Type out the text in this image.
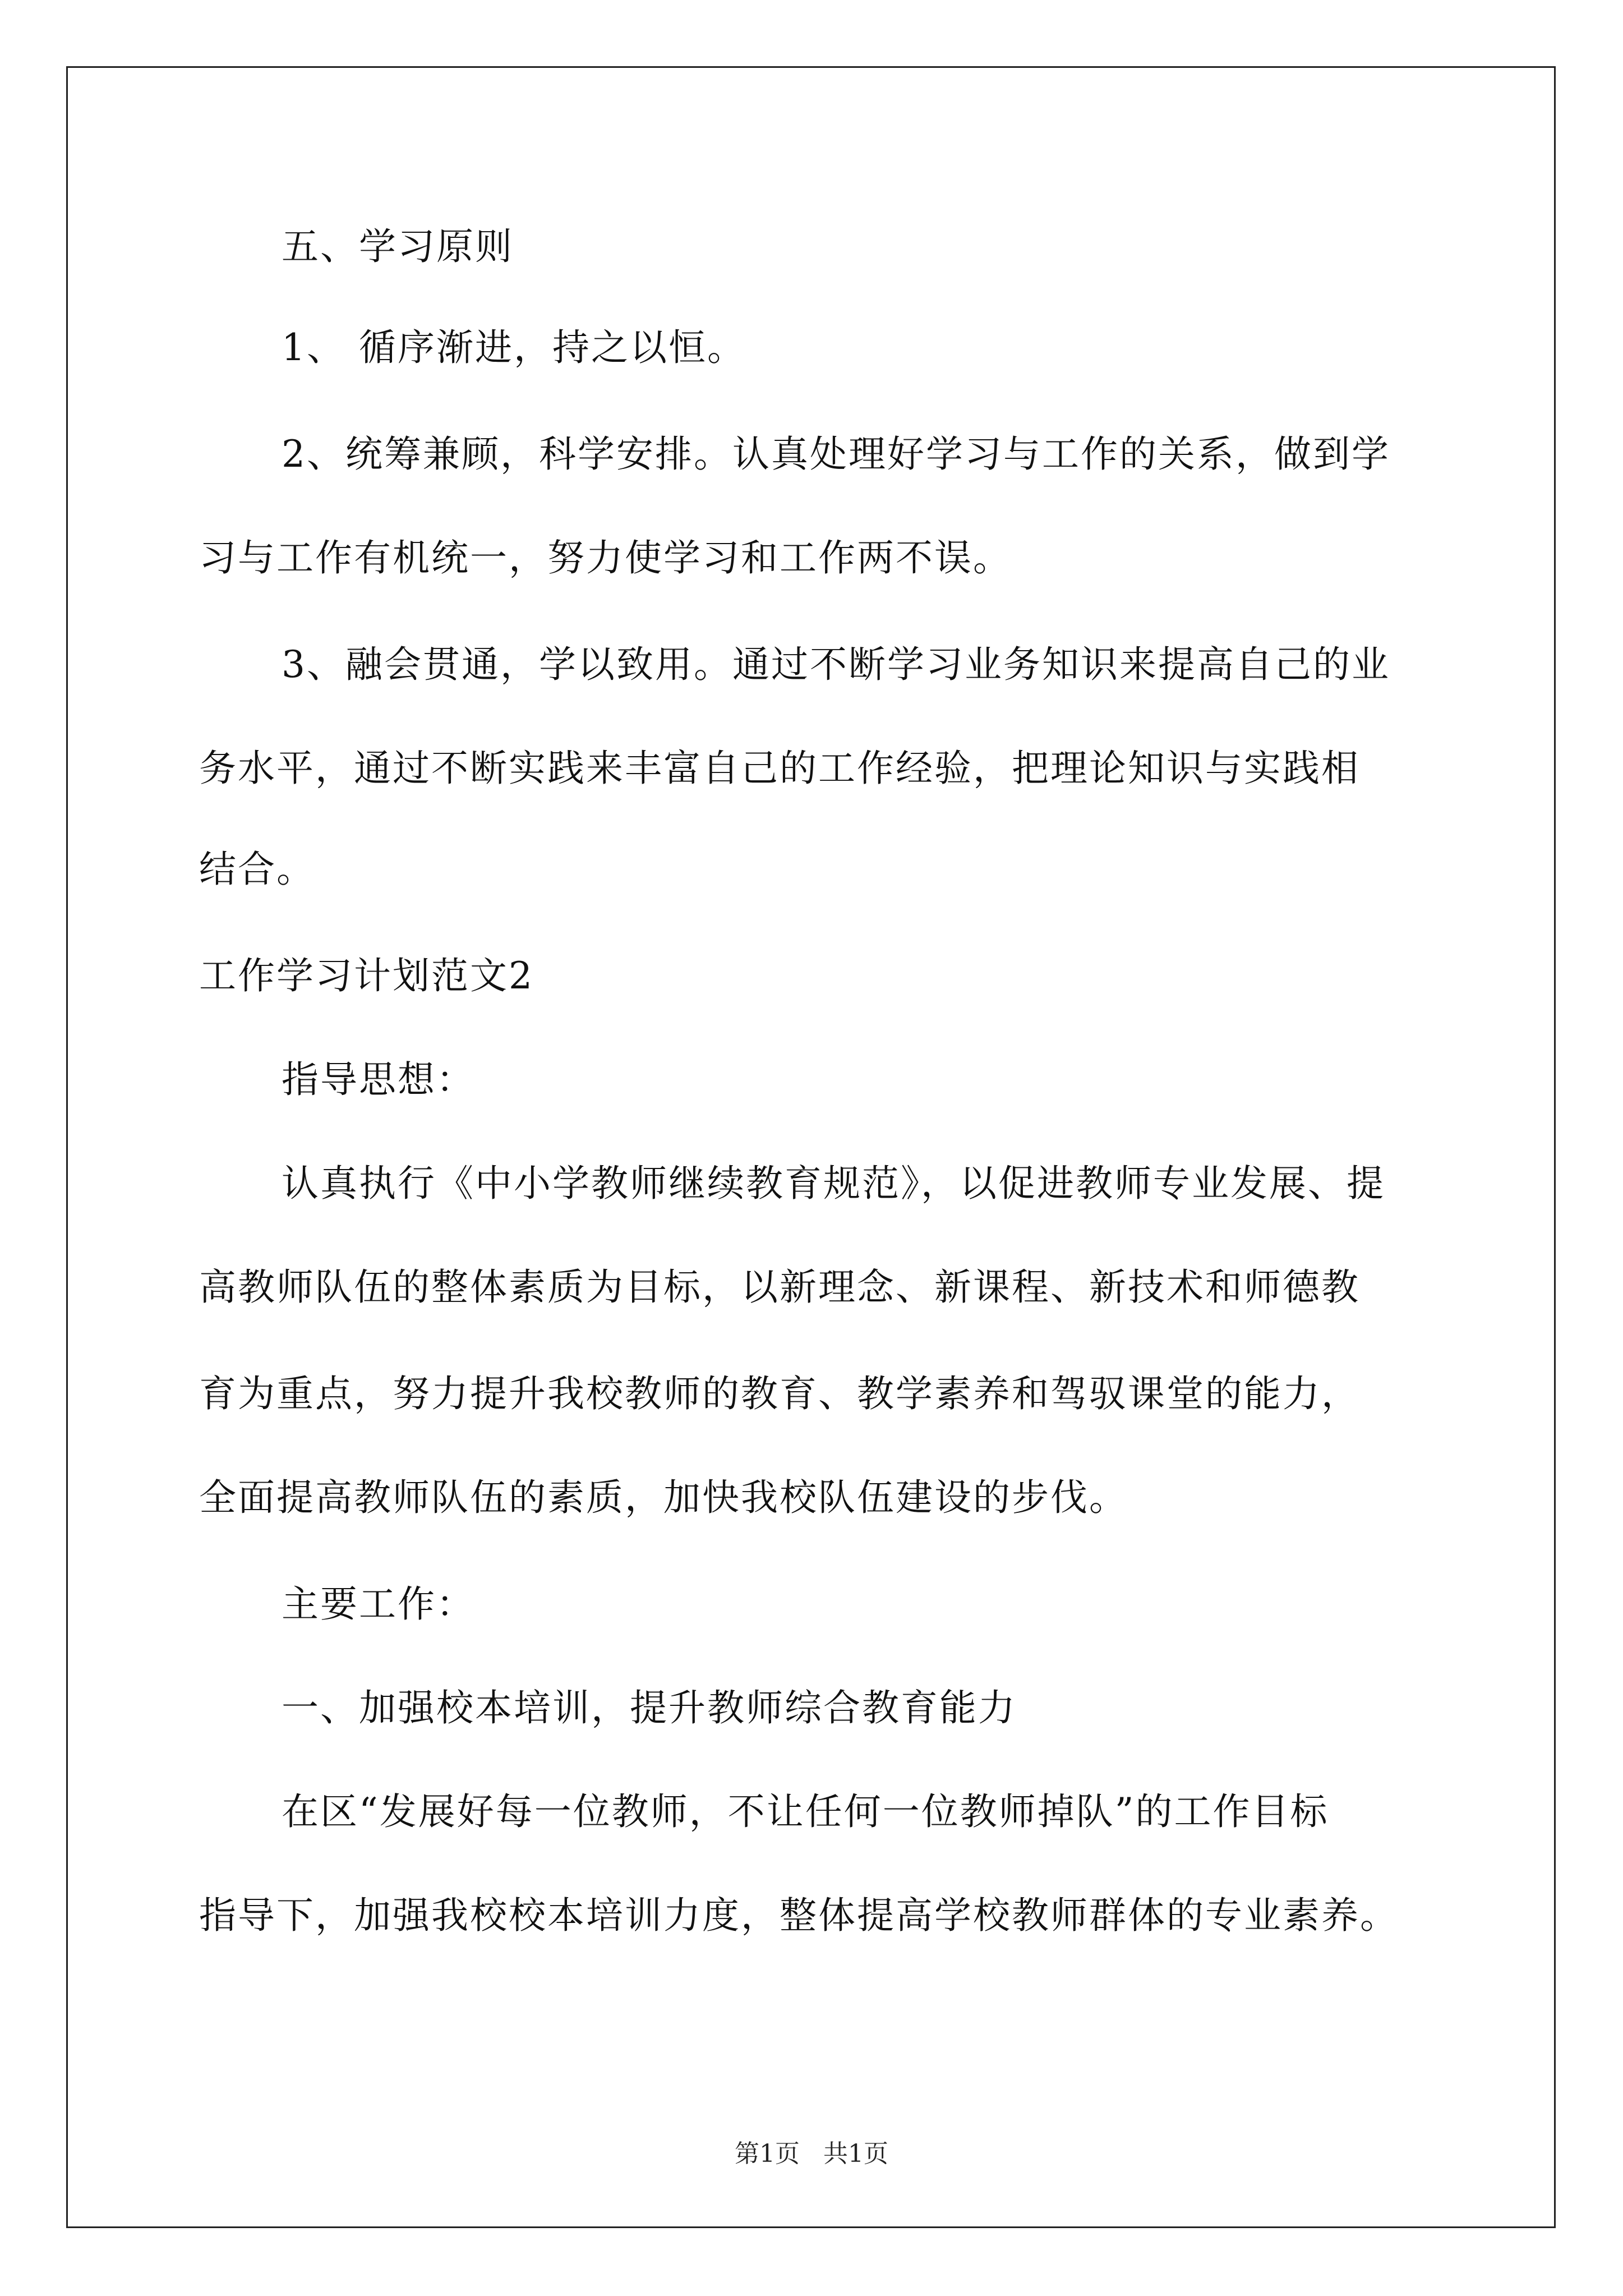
五、学习原则
1、 循序渐进，持之以恒。
2、统筹兼顾，科学安排。认真处理好学习与工作的关系，做到学
习与工作有机统一，努力使学习和工作两不误。
3、融会贯通，学以致用。通过不断学习业务知识来提高自己的业
务水平，通过不断实践来丰富自己的工作经验，把理论知识与实践相
结合。
工作学习计划范文2
指导思想：
认真执行《中小学教师继续教育规范》，以促进教师专业发展、提
高教师队伍的整体素质为目标，以新理念、新课程、新技术和师德教
育为重点，努力提升我校教师的教育、教学素养和驾驭课堂的能力，
全面提高教师队伍的素质，加快我校队伍建设的步伐。
主要工作：
一、加强校本培训，提升教师综合教育能力
在区“发展好每一位教师，不让任何一位教师掉队”的工作目标
指导下，加强我校校本培训力度，整体提高学校教师群体的专业素养。
第1页   共1页
